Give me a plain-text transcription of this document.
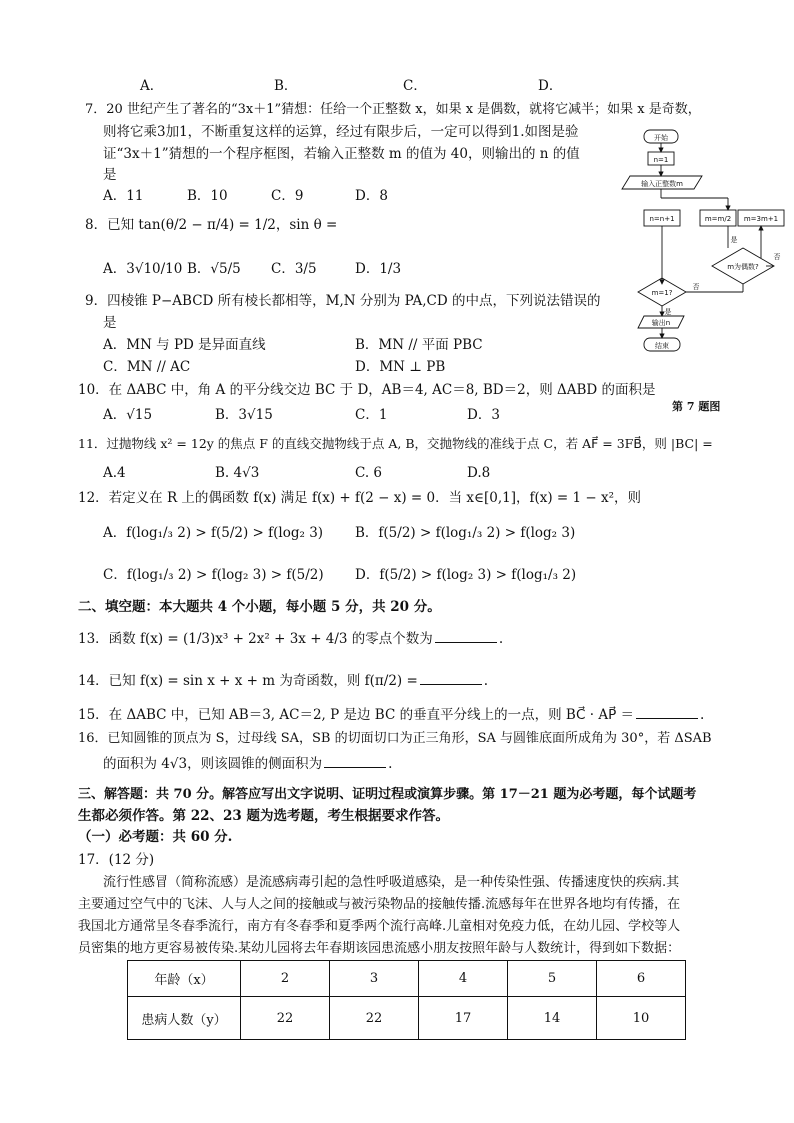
A．	B．	C．	D．
7．20 世纪产生了著名的“3x＋1”猜想：任给一个正整数 x，如果 x 是偶数，就将它减半；如果 x 是奇数，
则将它乘3加1，不断重复这样的运算，经过有限步后，一定可以得到1.如图是验
证“3x＋1”猜想的一个程序框图，若输入正整数 m 的值为 40，则输出的 n 的值
是
A．11	B．10	C．9	D．8
8．已知 tan(θ/2 − π/4) = 1/2，sin θ =
A．3√10/10 B．√5/5 C．3/5	D．1/3
9．四棱锥 P−ABCD 所有棱长都相等，M,N 分别为 PA,CD 的中点，下列说法错误的
是
A．MN 与 PD 是异面直线	B．MN // 平面 PBC
C．MN // AC	D．MN ⊥ PB
10．在 ΔABC 中，角 A 的平分线交边 BC 于 D，AB＝4, AC＝8, BD＝2，则 ΔABD 的面积是
A．√15	B．3√15	C．1	D．3
11．过抛物线 x² = 12y 的焦点 F 的直线交抛物线于点 A, B，交抛物线的准线于点 C，若 AF⃗ = 3FB⃗，则 |BC| =
A.4	B. 4√3	C. 6	D.8
12．若定义在 R 上的偶函数 f(x) 满足 f(x) + f(2 − x) = 0．当 x∈[0,1]，f(x) = 1 − x²，则
A．f(log₁/₃ 2) > f(5/2) > f(log₂ 3) B．f(5/2) > f(log₁/₃ 2) > f(log₂ 3)
C．f(log₁/₃ 2) > f(log₂ 3) > f(5/2) D．f(5/2) > f(log₂ 3) > f(log₁/₃ 2)
二、填空题：本大题共 4 个小题，每小题 5 分，共 20 分。
13．函数 f(x) = (1/3)x³ + 2x² + 3x + 4/3 的零点个数为	.
14．已知 f(x) = sin x + x + m 为奇函数，则 f(π/2) =	.
15．在 ΔABC 中，已知 AB＝3, AC＝2, P 是边 BC 的垂直平分线上的一点，则 BC⃗ · AP⃗ ＝	.
16．已知圆锥的顶点为 S，过母线 SA，SB 的切面切口为正三角形，SA 与圆锥底面所成角为 30°，若 ΔSAB
的面积为 4√3，则该圆锥的侧面积为	.
三、解答题：共 70 分。解答应写出文字说明、证明过程或演算步骤。第 17－21 题为必考题，每个试题考
生都必须作答。第 22、23 题为选考题，考生根据要求作答。
（一）必考题：共 60 分.
17．(12 分)
流行性感冒（简称流感）是流感病毒引起的急性呼吸道感染，是一种传染性强、传播速度快的疾病.其
主要通过空气中的飞沫、人与人之间的接触或与被污染物品的接触传播.流感每年在世界各地均有传播，在
我国北方通常呈冬春季流行，南方有冬春季和夏季两个流行高峰.儿童相对免疫力低，在幼儿园、学校等人
员密集的地方更容易被传染.某幼儿园将去年春期该园患流感小朋友按照年龄与人数统计，得到如下数据：
年龄（x）	2	3	4	5	6
患病人数（y）	22	22	17	14	10
开始
n=1
输入正整数m
n=n+1	m=m/2 m=3m+1
是
m为偶数?
否
m=1?
否
是
输出n
结束
第 7 题图
